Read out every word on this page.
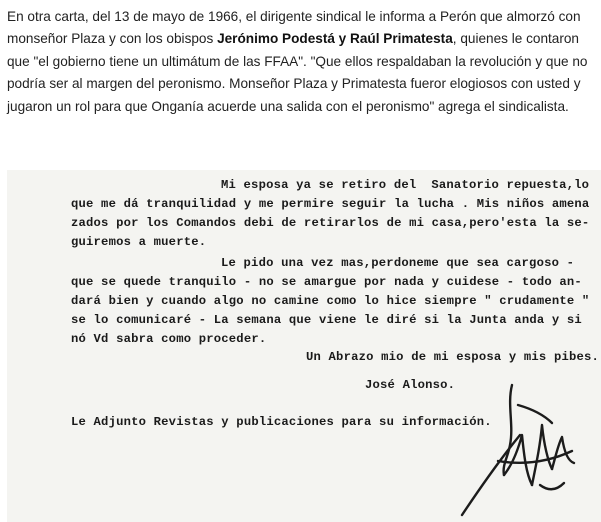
En otra carta, del 13 de mayo de 1966, el dirigente sindical le informa a Perón que almorzó con monseñor Plaza y con los obispos Jerónimo Podestá y Raúl Primatesta, quienes le contaron que "el gobierno tiene un ultimátum de las FFAA". "Que ellos respaldaban la revolución y que no podría ser al margen del peronismo. Monseñor Plaza y Primatesta fueror elogiosos con usted y jugaron un rol para que Onganía acuerde una salida con el peronismo" agrega el sindicalista.

Mi esposa ya se retiro del  Sanatorio repuesta,lo
que me dá tranquilidad y me permire seguir la lucha . Mis niños amena
zados por los Comandos debi de retirarlos de mi casa,pero'esta la se-
guiremos a muerte.
Le pido una vez mas,perdoneme que sea cargoso -
que se quede tranquilo - no se amargue por nada y cuidese - todo an-
dará bien y cuando algo no camine como lo hice siempre " crudamente "
se lo comunicaré - La semana que viene le diré si la Junta anda y si
nó Vd sabra como proceder.
Un Abrazo mio de mi esposa y mis pibes.
José Alonso.
Le Adjunto Revistas y publicaciones para su información.
